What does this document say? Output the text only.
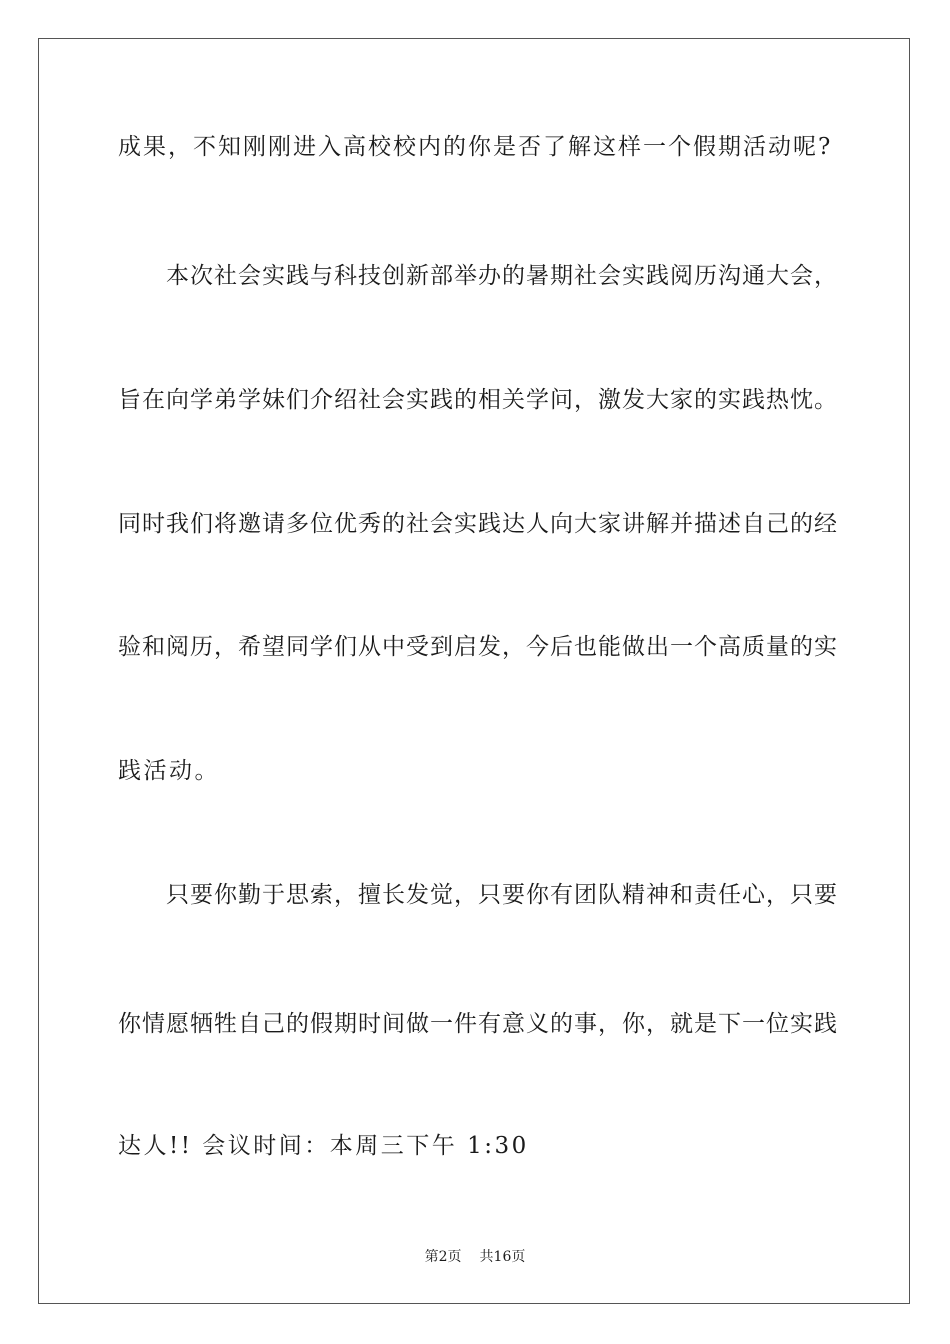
成果，不知刚刚进入高校校内的你是否了解这样一个假期活动呢?
　　本次社会实践与科技创新部举办的暑期社会实践阅历沟通大会，
旨在向学弟学妹们介绍社会实践的相关学问，激发大家的实践热忱。
同时我们将邀请多位优秀的社会实践达人向大家讲解并描述自己的经
验和阅历，希望同学们从中受到启发，今后也能做出一个高质量的实
践活动。
　　只要你勤于思索，擅长发觉，只要你有团队精神和责任心，只要
你情愿牺牲自己的假期时间做一件有意义的事，你，就是下一位实践
达人!! 会议时间：本周三下午 1:30
第2页 共16页
